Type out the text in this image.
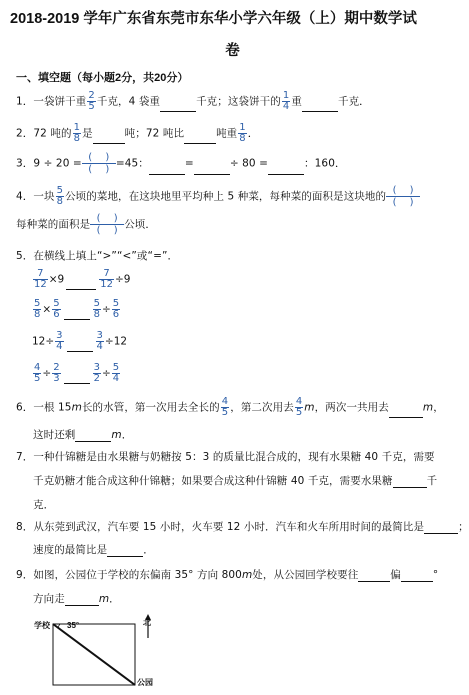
2018-2019 学年广东省东莞市东华小学六年级（上）期中数学试
卷
一、填空题（每小题2分，共20分）
1．一袋饼干重 $\frac{2}{5}$ 千克，4 袋重	千克；这袋饼干的 $\frac{1}{4}$ 重	千克．
2．72 吨的 $\frac{1}{8}$ 是	吨；72 吨比	吨重 $\frac{1}{8}$ ．
3．9 ÷ 20 = (    )
(    ) =45：	=	÷ 80 =	：160．
4．一块 $\frac{5}{8}$ 公顷的菜地，在这块地里平均种上 5 种菜，每种菜的面积是这块地的 (    )
(    )
每种菜的面积是 (    )
(    ) 公顷．
5．在横线上填上“>”“<”或“=”．
$\frac{7}{12} \times 9$	$\frac{7}{12} \div 9$
$\frac{5}{8} \times \frac{5}{6}$	$\frac{5}{8} \div \frac{5}{6}$
$12\div \frac{3}{4}$	$\frac{3}{4} \div 12$
$\frac{4}{5} \div \frac{2}{3}$	$\frac{3}{2} \div \frac{5}{4}$
6．一根 15m长的水管，第一次用去全长的 $\frac{4}{5}$ ，第二次用去 $\frac{4}{5}$ m，两次一共用去	m，
这时还剩	m．
7．一种什锦糖是由水果糖与奶糖按 5：3 的质量比混合成的，现有水果糖 40 千克，需要
千克奶糖才能合成这种什锦糖；如果要合成这种什锦糖 40 千克，需要水果糖	千
克．
8．从东莞到武汉，汽车要 15 小时，火车要 12 小时．汽车和火车所用时间的最简比是	；
速度的最简比是	．
9．如图，公园位于学校的东偏南 35° 方向 800m处，从公园回学校要往	偏	°
方向走	m．
学校 35°	北
公园
